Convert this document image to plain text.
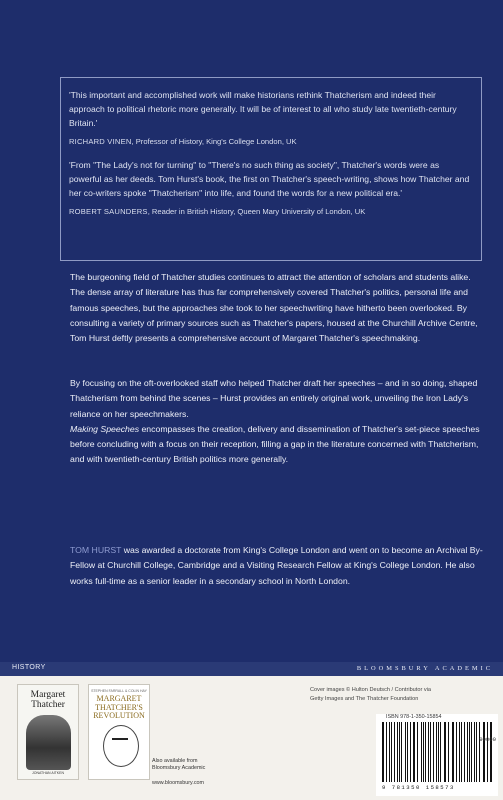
'This important and accomplished work will make historians rethink Thatcherism and indeed their approach to political rhetoric more generally. It will be of interest to all who study late twentieth-century Britain.'

RICHARD VINEN, Professor of History, King's College London, UK

'From "The Lady's not for turning" to "There's no such thing as society", Thatcher's words were as powerful as her deeds. Tom Hurst's book, the first on Thatcher's speech-writing, shows how Thatcher and her co-writers spoke "Thatcherism" into life, and found the words for a new political era.'

ROBERT SAUNDERS, Reader in British History, Queen Mary University of London, UK

The burgeoning field of Thatcher studies continues to attract the attention of scholars and students alike. The dense array of literature has thus far comprehensively covered Thatcher's politics, personal life and famous speeches, but the approaches she took to her speechwriting have hitherto been overlooked. By consulting a variety of primary sources such as Thatcher's papers, housed at the Churchill Archive Centre, Tom Hurst deftly presents a comprehensive account of Margaret Thatcher's speechmaking.

By focusing on the oft-overlooked staff who helped Thatcher draft her speeches – and in so doing, shaped Thatcherism from behind the scenes – Hurst provides an entirely original work, unveiling the Iron Lady's reliance on her speechmakers.
Making Speeches encompasses the creation, delivery and dissemination of Thatcher's set-piece speeches before concluding with a focus on their reception, filling a gap in the literature concerned with Thatcherism, and with twentieth-century British politics more generally.

TOM HURST was awarded a doctorate from King's College London and went on to become an Archival By-Fellow at Churchill College, Cambridge and a Visiting Research Fellow at King's College London. He also works full-time as a senior leader in a secondary school in North London.

HISTORY	BLOOMSBURY ACADEMIC
Margaret
Thatcher
JONATHAN AITKEN
STEPHEN FARRALL & COLIN HAY
MARGARET
THATCHER'S
REVOLUTION
Also available from
Bloomsbury Academic
www.bloomsbury.com
Cover images © Hulton Deutsch / Contributor via
Getty Images and The Thatcher Foundation
ISBN 978-1-350-15854
9 781350 158573
90000
